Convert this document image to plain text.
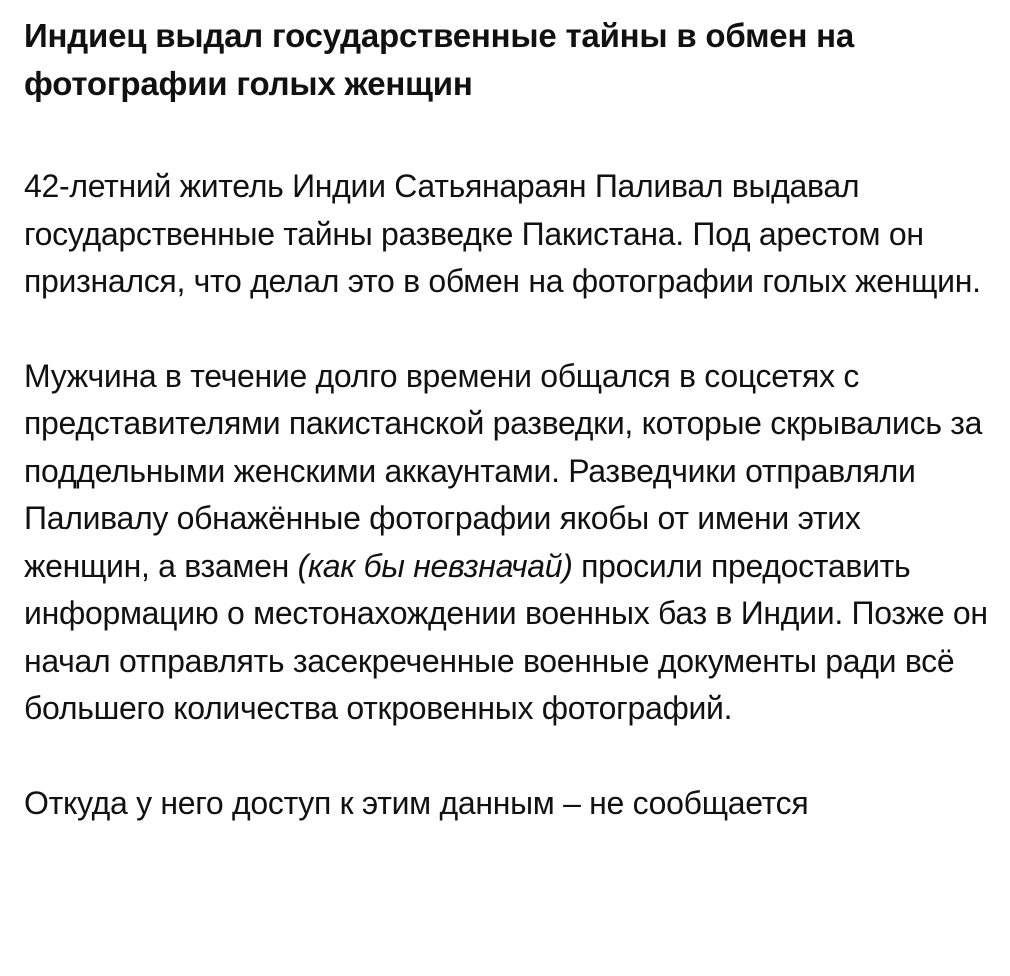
Индиец выдал государственные тайны в обмен на фотографии голых женщин

42-летний житель Индии Сатьянараян Паливал выдавал государственные тайны разведке Пакистана. Под арестом он признался, что делал это в обмен на фотографии голых женщин.

Мужчина в течение долго времени общался в соцсетях с представителями пакистанской разведки, которые скрывались за поддельными женскими аккаунтами. Разведчики отправляли Паливалу обнажённые фотографии якобы от имени этих женщин, а взамен (как бы невзначай) просили предоставить информацию о местонахождении военных баз в Индии. Позже он начал отправлять засекреченные военные документы ради всё большего количества откровенных фотографий.

Откуда у него доступ к этим данным – не сообщается
